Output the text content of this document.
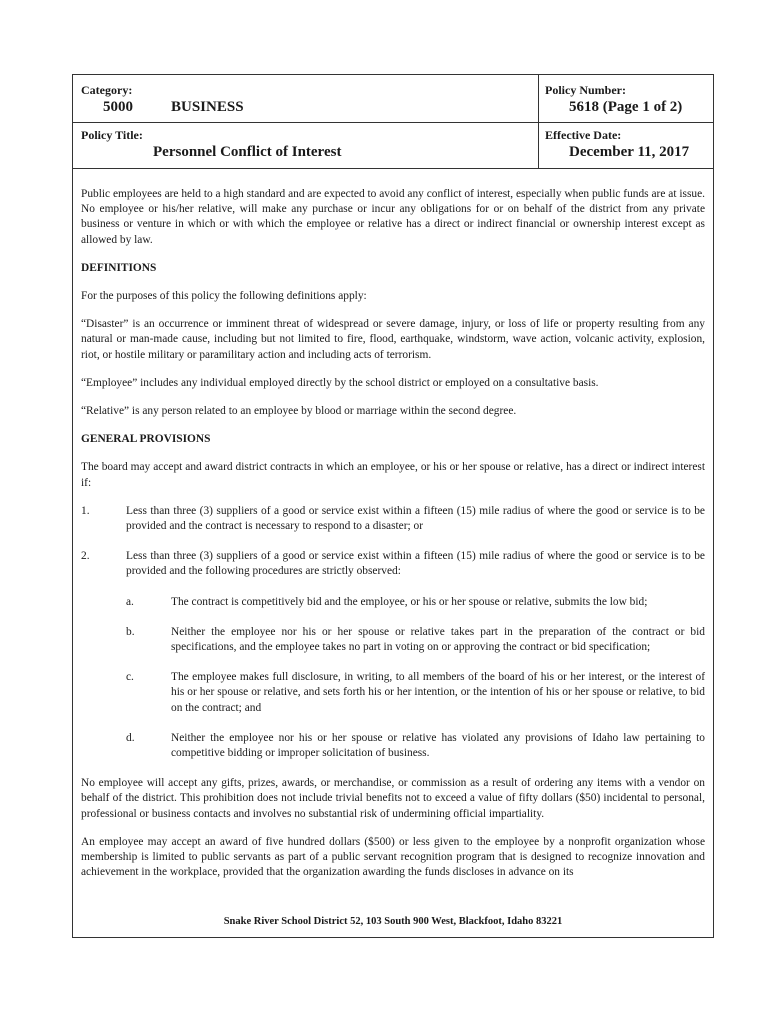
Category:
5000	BUSINESS
Policy Number:
5618 (Page 1 of 2)
Policy Title:
Personnel Conflict of Interest
Effective Date:
December 11, 2017

Public employees are held to a high standard and are expected to avoid any conflict of interest, especially when public funds are at issue. No employee or his/her relative, will make any purchase or incur any obligations for or on behalf of the district from any private business or venture in which or with which the employee or relative has a direct or indirect financial or ownership interest except as allowed by law.

DEFINITIONS

For the purposes of this policy the following definitions apply:

“Disaster” is an occurrence or imminent threat of widespread or severe damage, injury, or loss of life or property resulting from any natural or man-made cause, including but not limited to fire, flood, earthquake, windstorm, wave action, volcanic activity, explosion, riot, or hostile military or paramilitary action and including acts of terrorism.

“Employee” includes any individual employed directly by the school district or employed on a consultative basis.

“Relative” is any person related to an employee by blood or marriage within the second degree.

GENERAL PROVISIONS

The board may accept and award district contracts in which an employee, or his or her spouse or relative, has a direct or indirect interest if:

1.	Less than three (3) suppliers of a good or service exist within a fifteen (15) mile radius of where the good or service is to be provided and the contract is necessary to respond to a disaster; or
2.	Less than three (3) suppliers of a good or service exist within a fifteen (15) mile radius of where the good or service is to be provided and the following procedures are strictly observed:
a.	The contract is competitively bid and the employee, or his or her spouse or relative, submits the low bid;
b.	Neither the employee nor his or her spouse or relative takes part in the preparation of the contract or bid specifications, and the employee takes no part in voting on or approving the contract or bid specification;
c.	The employee makes full disclosure, in writing, to all members of the board of his or her interest, or the interest of his or her spouse or relative, and sets forth his or her intention, or the intention of his or her spouse or relative, to bid on the contract; and
d.	Neither the employee nor his or her spouse or relative has violated any provisions of Idaho law pertaining to competitive bidding or improper solicitation of business.

No employee will accept any gifts, prizes, awards, or merchandise, or commission as a result of ordering any items with a vendor on behalf of the district. This prohibition does not include trivial benefits not to exceed a value of fifty dollars ($50) incidental to personal, professional or business contacts and involves no substantial risk of undermining official impartiality.

An employee may accept an award of five hundred dollars ($500) or less given to the employee by a nonprofit organization whose membership is limited to public servants as part of a public servant recognition program that is designed to recognize innovation and achievement in the workplace, provided that the organization awarding the funds discloses in advance on its

Snake River School District 52, 103 South 900 West, Blackfoot, Idaho 83221
